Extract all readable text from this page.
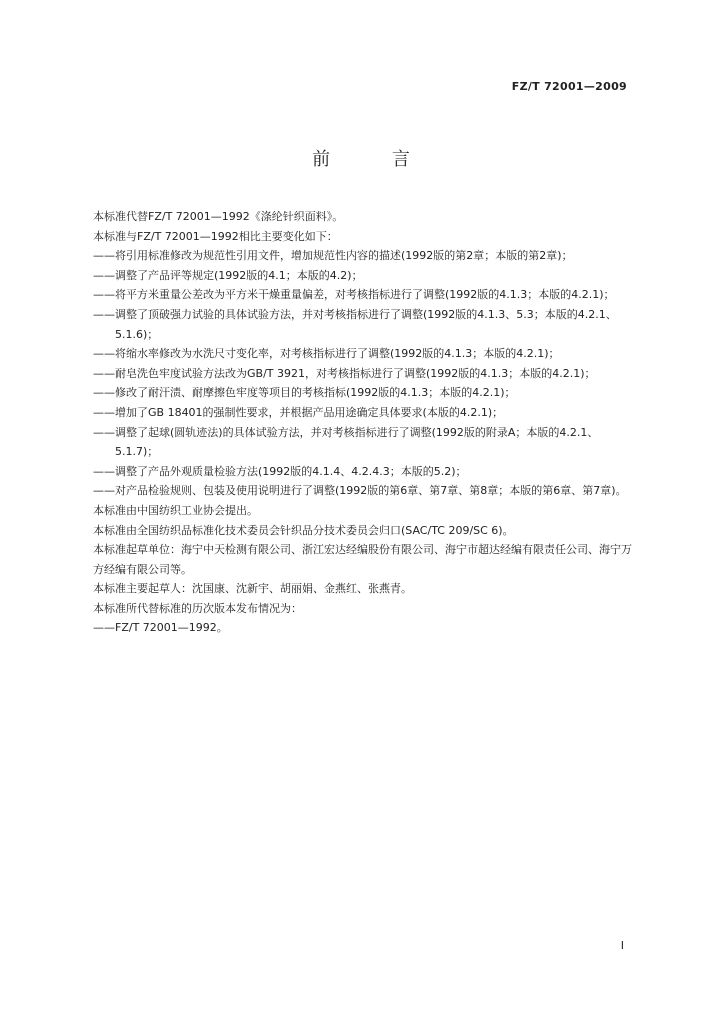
FZ/T 72001—2009
前 言

本标准代替FZ/T 72001—1992《涤纶针织面料》。

本标准与FZ/T 72001—1992相比主要变化如下：

—— 将引用标准修改为规范性引用文件，增加规范性内容的描述(1992版的第2章；本版的第2章)；
—— 调整了产品评等规定(1992版的4.1；本版的4.2)；
—— 将平方米重量公差改为平方米干燥重量偏差，对考核指标进行了调整(1992版的4.1.3；本版的4.2.1)；
—— 调整了顶破强力试验的具体试验方法，并对考核指标进行了调整(1992版的4.1.3、5.3；本版的4.2.1、5.1.6)；
—— 将缩水率修改为水洗尺寸变化率，对考核指标进行了调整(1992版的4.1.3；本版的4.2.1)；
—— 耐皂洗色牢度试验方法改为GB/T 3921，对考核指标进行了调整(1992版的4.1.3；本版的4.2.1)；
—— 修改了耐汗渍、耐摩擦色牢度等项目的考核指标(1992版的4.1.3；本版的4.2.1)；
—— 增加了GB 18401的强制性要求，并根据产品用途确定具体要求(本版的4.2.1)；
—— 调整了起球(圆轨迹法)的具体试验方法，并对考核指标进行了调整(1992版的附录A；本版的4.2.1、5.1.7)；
—— 调整了产品外观质量检验方法(1992版的4.1.4、4.2.4.3；本版的5.2)；
—— 对产品检验规则、包装及使用说明进行了调整(1992版的第6章、第7章、第8章；本版的第6章、第7章)。

本标准由中国纺织工业协会提出。

本标准由全国纺织品标准化技术委员会针织品分技术委员会归口(SAC/TC 209/SC 6)。

本标准起草单位：海宁中天检测有限公司、浙江宏达经编股份有限公司、海宁市超达经编有限责任公司、海宁万方经编有限公司等。

本标准主要起草人：沈国康、沈新宇、胡丽娟、金燕红、张燕青。

本标准所代替标准的历次版本发布情况为：

—— FZ/T 72001—1992。
I
